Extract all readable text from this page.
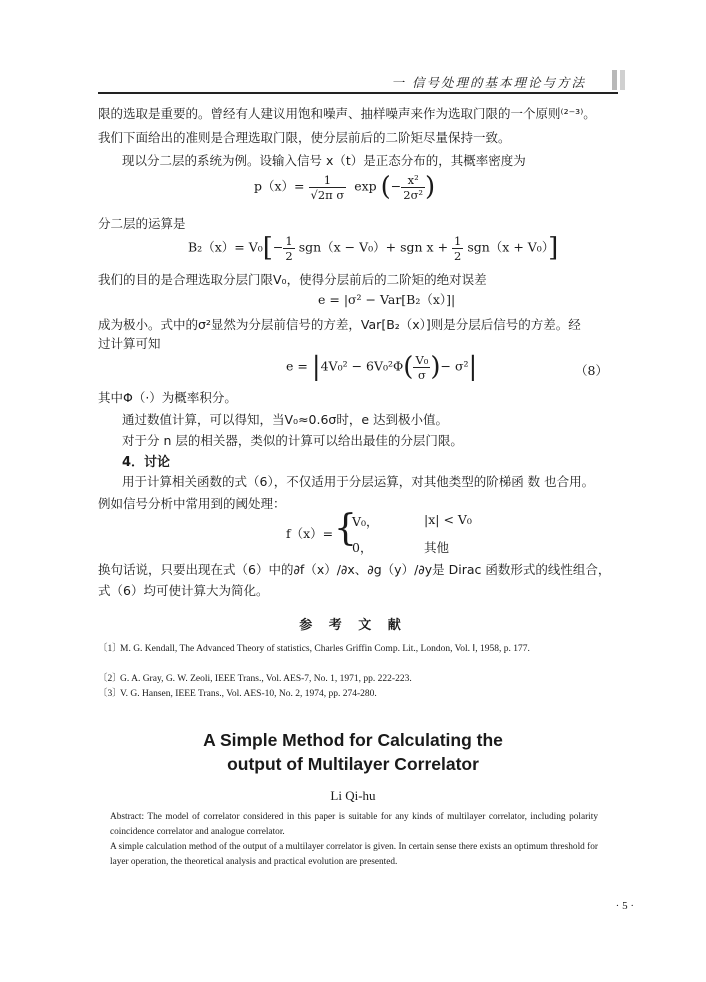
一 信号处理的基本理论与方法
限的选取是重要的。曾经有人建议用饱和噪声、抽样噪声来作为选取门限的一个原则⁽²⁻³⁾。
我们下面给出的准则是合理选取门限，使分层前后的二阶矩尽量保持一致。
现以分二层的系统为例。设输入信号 x（t）是正态分布的，其概率密度为
$p(x)= \frac{1}{\text{√2π σ}}$ exp (− $\frac{\text{x²}}{\text{2σ²}}$ )
分二层的运算是
$B_2(x)= V_0[- \frac{1}{2} sgn(x - V_0)+$ sgn $x + \frac{1}{2} sgn(x + V_0)$]
我们的目的是合理选取分层门限V₀，使得分层前后的二阶矩的绝对误差
e = |σ² − Var[B₂（x）]|
成为极小。式中的σ²显然为分层前信号的方差，Var[B₂（x）]则是分层后信号的方差。经
过计算可知
$e = |4V_0^2 - 6V_0^2\Phi( \frac{\text{V₀}}{\sigma}$ )− σ²|	（8）
其中Φ（·）为概率积分。
通过数值计算，可以得知，当V₀≈0.6σ时，e 达到极小值。
对于分 n 层的相关器，类似的计算可以给出最佳的分层门限。
4．讨论
用于计算相关函数的式（6），不仅适用于分层运算，对其他类型的阶梯函 数 也合用。
例如信号分析中常用到的阈处理：
f（x）= {
V₀，	|x| < V₀
0，	其他
换句话说，只要出现在式（6）中的∂f（x）/∂x、∂g（y）/∂y是 Dirac 函数形式的线性组合，
式（6）均可使计算大为简化。
参 考 文 献
〔1〕
M. G. Kendall, The Advanced Theory of statistics, Charles Griffin Comp. Lit., London, Vol. Ⅰ, 1958, p. 177.
〔2〕
G. A. Gray, G. W. Zeoli, IEEE Trans., Vol. AES-7, No. 1, 1971, pp. 222-223.
〔3〕
V. G. Hansen, IEEE Trans., Vol. AES-10, No. 2, 1974, pp. 274-280.
A Simple Method for Calculating the
output of Multilayer Correlator
Li Qi-hu
Abstract: The model of correlator considered in this paper is suitable for any kinds of multilayer correlator, including polarity coincidence correlator and analogue correlator.
A simple calculation method of the output of a multilayer correlator is given. In certain sense there exists an optimum threshold for layer operation, the theoretical analysis and practical evolution are presented.
· 5 ·
